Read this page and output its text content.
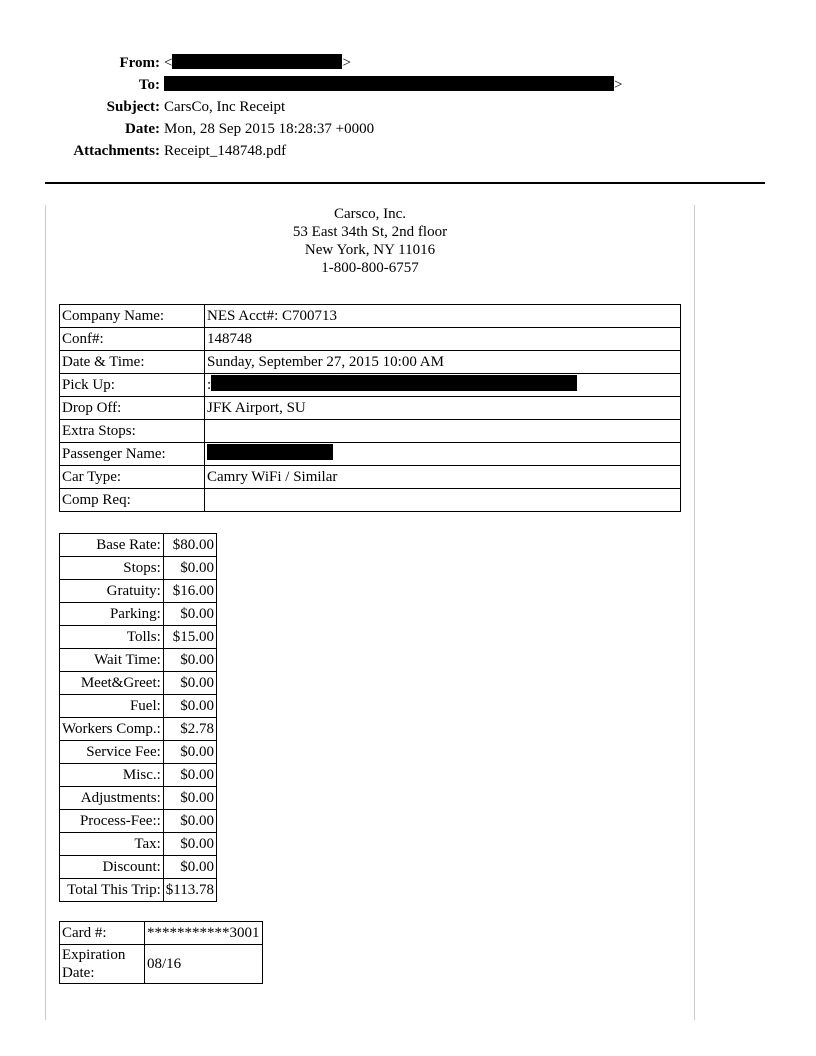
From: <	>
To:	>
Subject: CarsCo, Inc Receipt
Date: Mon, 28 Sep 2015 18:28:37 +0000
Attachments: Receipt_148748.pdf
Carsco, Inc.
53 East 34th St, 2nd floor
New York, NY 11016
1-800-800-6757
Company Name:	NES Acct#: C700713
Conf#:	148748
Date & Time:	Sunday, September 27, 2015 10:00 AM
Pick Up:	:
Drop Off:	JFK Airport, SU
Extra Stops:	
Passenger Name:	
Car Type:	Camry WiFi / Similar
Comp Req:	
Base Rate:	$80.00
Stops:	$0.00
Gratuity:	$16.00
Parking:	$0.00
Tolls:	$15.00
Wait Time:	$0.00
Meet&Greet:	$0.00
Fuel:	$0.00
Workers Comp.:	$2.78
Service Fee:	$0.00
Misc.:	$0.00
Adjustments:	$0.00
Process-Fee::	$0.00
Tax:	$0.00
Discount:	$0.00
Total This Trip:	$113.78
Card #:	***********3001
Expiration
Date:	08/16
